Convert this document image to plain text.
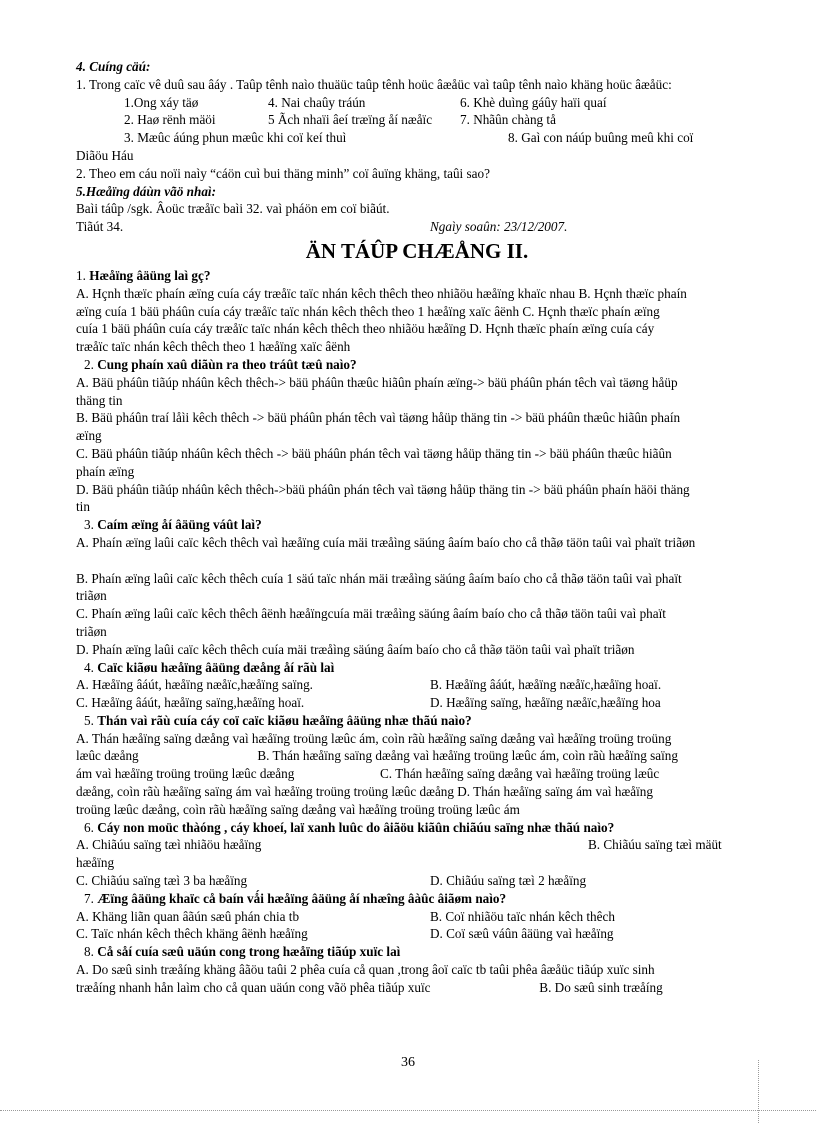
4. Cuíng cäú:

1. Trong caïc vê duû sau âáy . Taûp tênh naìo thuäüc taûp tênh hoüc âæåüc vaì taûp tênh naìo khäng hoüc âæåüc:

1.Ong xáy täø	4. Nai chaûy tráún	6. Khè duìng gáûy haïi quaí
2. Haø rënh mäöi	5 Ãch nhaïi âeí træïng åí næåïc	7. Nhãûn chàng tå
3. Mæûc áúng phun mæûc khi coï keí thuì	8. Gaì con náúp buûng meû khi coï

Diãöu Háu

2. Theo em cáu noïi naìy “cáön cuì bui thäng minh” coï âuïng khäng, taûi sao?

5.Hæåïng dáùn vãö nhaì:

Baìi táûp /sgk. Âoüc træåïc baìi 32. vaì pháön em coï biãút.

Tiãút 34.	Ngaìy soaûn: 23/12/2007.
ÄN TÁÛP CHÆÅNG II.

1. Hæåïng âäüng laì gç?

A. Hçnh thæïc phaín æïng cuía cáy træåïc taïc nhán kêch thêch theo nhiãöu hæåïng khaïc nhau B. Hçnh thæïc phaín

æïng cuía 1 bäü pháûn cuía cáy træåïc taïc nhán kêch thêch theo 1 hæåïng xaïc âënh C. Hçnh thæïc phaín æïng

cuía 1 bäü pháûn cuía cáy træåïc taïc nhán kêch thêch theo nhiãöu hæåïng D. Hçnh thæïc phaín æïng cuía cáy

træåïc taïc nhán kêch thêch theo 1 hæåïng xaïc âënh

2. Cung phaín xaû diãùn ra theo tráût tæû naìo?

A. Bäü pháûn tiãúp nháûn kêch thêch-> bäü pháûn thæûc hiãûn phaín æïng-> bäü pháûn phán têch vaì täøng håüp

thäng tin

B. Bäü pháûn traí låìi kêch thêch -> bäü pháûn phán têch vaì täøng håüp thäng tin -> bäü pháûn thæûc hiãûn phaín

æïng

C. Bäü pháûn tiãúp nháûn kêch thêch -> bäü pháûn phán têch vaì täøng håüp thäng tin -> bäü pháûn thæûc hiãûn

phaín æïng

D. Bäü pháûn tiãúp nháûn kêch thêch->bäü pháûn phán têch vaì täøng håüp thäng tin -> bäü pháûn phaín häöi thäng

tin

3. Caím æïng åí âäüng váût laì?

A. Phaín æïng laûi caïc kêch thêch vaì hæåïng cuía mäi træåìng säúng âaím baío cho cå thãø täön taûi vaì phaït triãøn

B. Phaín æïng laûi caïc kêch thêch cuía 1 säú taïc nhán mäi træåìng säúng âaím baío cho cå thãø täön taûi vaì phaït

triãøn

C. Phaín æïng laûi caïc kêch thêch âënh hæåïngcuía mäi træåìng säúng âaím baío cho cå thãø täön taûi vaì phaït

triãøn

D. Phaín æïng laûi caïc kêch thêch cuía mäi træåìng säúng âaím baío cho cå thãø täön taûi vaì phaït triãøn

4. Caïc kiãøu hæåïng âäüng dæång åí rãù laì

A. Hæåïng âáút, hæåïng næåïc,hæåïng saïng.	B. Hæåïng âáút, hæåïng næåïc,hæåïng hoaï.
C. Hæåïng âáút, hæåïng saïng,hæåïng hoaï.	D. Hæåïng saïng, hæåïng næåïc,hæåïng hoa

5. Thán vaì rãù cuía cáy coï caïc kiãøu hæåïng âäüng nhæ thãú naìo?

A. Thán hæåïng saïng dæång vaì hæåïng troüng læûc ám, coìn rãù hæåïng saïng dæång vaì hæåïng troüng troüng

læûc dæång                                    B. Thán hæåïng saïng dæång vaì hæåïng troüng læûc ám, coìn rãù hæåïng saïng

ám vaì hæåïng troüng troüng læûc dæång                          C. Thán hæåïng saïng dæång vaì hæåïng troüng læûc

dæång, coìn rãù hæåïng saïng ám vaì hæåïng troüng troüng læûc dæång D. Thán hæåïng saïng ám vaì hæåïng

troüng læûc dæång, coìn rãù hæåïng saïng dæång vaì hæåïng troüng troüng læûc ám

6. Cáy non moüc thàóng , cáy khoeí, laï xanh luûc do âiãöu kiãûn chiãúu saïng nhæ thãú naìo?

A. Chiãúu saïng tæì nhiãöu hæåïng	B. Chiãúu saïng tæì mäüt

hæåïng

C. Chiãúu saïng tæì 3 ba hæåïng	D. Chiãúu saïng tæì 2 hæåïng

7. Æïng âäüng khaïc cå baín vǻi hæåïng âäüng åí nhæîng âàûc âiãøm naìo?

A. Khäng liãn quan âãún sæû phán chia tb	B. Coï nhiãöu taïc nhán kêch thêch
C. Taïc nhán kêch thêch khäng âënh hæåïng	D. Coï sæû váûn âäüng vaì hæåïng

8. Cå såí cuía sæû uäún cong trong hæåïng tiãúp xuïc laì

A. Do sæû sinh træåíng khäng âãöu taûi 2 phêa cuía cå quan ,trong âoï caïc tb taûi phêa âæåüc tiãúp xuïc sinh

træåíng nhanh hån laìm cho cå quan uäún cong vãö phêa tiãúp xuïc                                 B. Do sæû sinh træåíng

36
